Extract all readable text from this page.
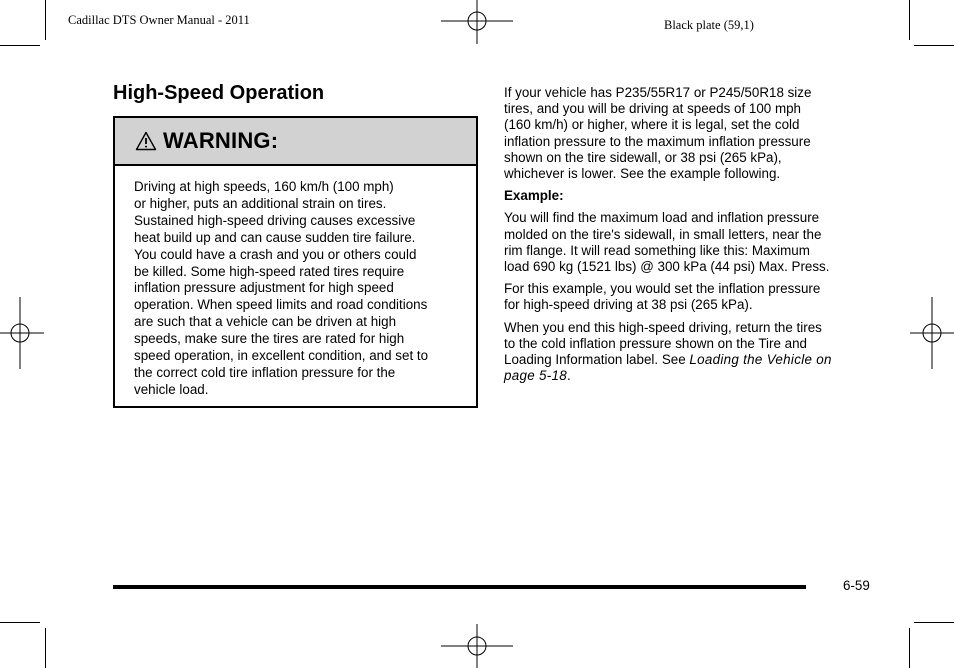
Cadillac DTS Owner Manual - 2011	Black plate (59,1)
High-Speed Operation
WARNING:
Driving at high speeds, 160 km/h (100 mph)
or higher, puts an additional strain on tires.
Sustained high-speed driving causes excessive
heat build up and can cause sudden tire failure.
You could have a crash and you or others could
be killed. Some high-speed rated tires require
inflation pressure adjustment for high speed
operation. When speed limits and road conditions
are such that a vehicle can be driven at high
speeds, make sure the tires are rated for high
speed operation, in excellent condition, and set to
the correct cold tire inflation pressure for the
vehicle load.

If your vehicle has P235/55R17 or P245/50R18 size
tires, and you will be driving at speeds of 100 mph
(160 km/h) or higher, where it is legal, set the cold
inflation pressure to the maximum inflation pressure
shown on the tire sidewall, or 38 psi (265 kPa),
whichever is lower. See the example following.

Example:

You will find the maximum load and inflation pressure
molded on the tire's sidewall, in small letters, near the
rim flange. It will read something like this: Maximum
load 690 kg (1521 lbs) @ 300 kPa (44 psi) Max. Press.

For this example, you would set the inflation pressure
for high-speed driving at 38 psi (265 kPa).

When you end this high-speed driving, return the tires
to the cold inflation pressure shown on the Tire and
Loading Information label. See Loading the Vehicle on
page 5-18.

6-59
